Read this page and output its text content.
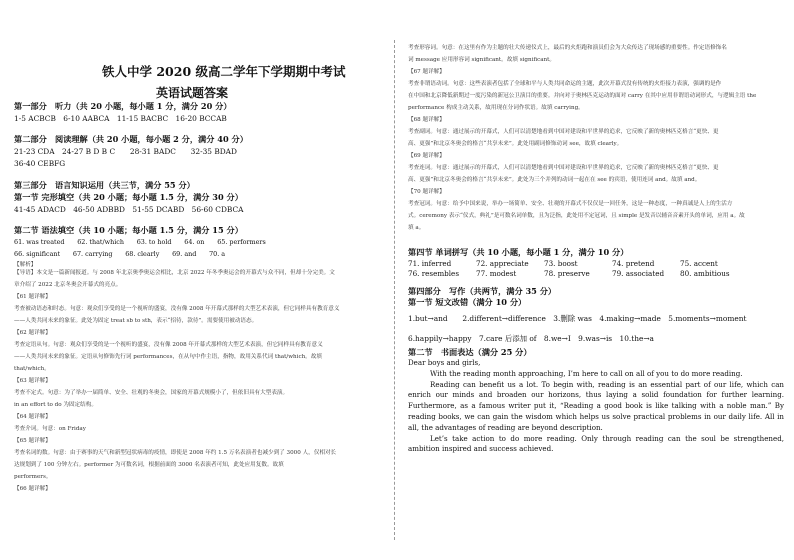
铁人中学 2020 级高二学年下学期期中考试
英语试题答案
第一部分　听力（共 20 小题，每小题 1 分，满分 20 分）
1-5 ACBCB　6-10 AABCA　11-15 BACBC　16-20 BCCAB
第二部分　阅读理解（共 20 小题，每小题 2 分，满分 40 分）
21-23 CDA　24-27 B D B C　　28-31 BADC　　32-35 BDAD
36-40 CEBFG
第三部分　语言知识运用（共三节，满分 55 分）
第一节 完形填空（共 20 小题；每小题 1.5 分，满分 30 分）
41-45 ADACD　46-50 ADBBD　51-55 DCABD　56-60 CDBCA
第二节 语法填空（共 10 小题；每小题 1.5 分，满分 15 分）
61. was treated　　62. that/which　　63. to hold　　64. on　　65. performers
66. significant　　67. carrying　　68. clearly　　69. and　　70. a
【解析】
【导语】本文是一篇新闻报道。与 2008 年北京奥季奥运会相比，北京 2022 年冬季奥运会的开幕式与众不同，但却十分完美。文
章介绍了 2022 北京冬奥会开幕式的亮点。
【61 题详解】
考查被动语态和时态。句意：观众们享受的是一个视听的盛宴，没有像 2008 年开幕式那样的大型艺术表演，但它同样具有教育意义
——人类共同未来的象征。此处为固定 treat sb to sth，表示“招待，款待”。需要使用被动语态。
【62 题详解】
考查定语从句。句意：观众们享受的是一个视听的盛宴，没有像 2008 年开幕式那样的大型艺术表演，但它同样具有教育意义
——人类共同未来的象征。定语从句修饰先行词 performances，在从句中作主语，指物，故用关系代词 that/which。故填
that/which。
【63 题详解】
考查不定式。句意：为了举办一届简单、安全、壮观的冬奥会，国家的开幕式规模小了，但依旧具有大型表演。
in an effort to do 为固定结构。
【64 题详解】
考查介词。句意：on Friday
【65 题详解】
考查名词的数。句意：由于赛事的天气和新型冠状病毒的疫情，即使是 2008 年约 1.5 万名表演者也减少到了 3000 人，仅相对长
达规划到了 100 分钟左右。performer 为可数名词，根据前面的 3000 名表演者可知，此处应用复数。故填
performers。
【66 题详解】
考查形容词。句意：在这里有作为主题的壮大传递仪式上，最后的火炬跑和演员们会为大众传达了现场感的重要性。作定语修饰名
词 message 应用形容词 significant。故填 significant。
【67 题详解】
考查非谓语动词。句意：这些表演者包括了全球和平与人类共同命运的主题，此次开幕式没有传统的火炬接力表演，强调的是作
在中国和北京降低新期过一度污染的新冠公卫演目的重要。并向对于奥林匹克运动的面对 carry 在其中应用非谓语动词形式，与逻辑主语 the
performance 构成主动关系，故用现在分词作状语。故填 carrying。
【68 题详解】
考查副词。句意：通过展示的开幕式，人们可以清楚地看到中国对建设和平世界的追求，它反映了新的奥林匹克格言“更快、更
高、更强”和北京冬奥会的格言“共享未来”。此处用副词修饰动词 see，故填 clearly。
【69 题详解】
考查连词。句意：通过展示的开幕式，人们可以清楚地看到中国对建设和平世界的追求，它反映了新的奥林匹克格言“更快、更
高、更强”和北京冬奥会的格言“共享未来”。此处为三个并列的动词一起在在 see 的宾语，使用连词 and。故填 and。
【70 题详解】
考查冠词。句意：给予中国来说，举办一场简单、安全、壮观的开幕式不仅仅是一回任务，这是一种态度，一种真诚是人上的生活方
式。ceremony 表示“仪式，典礼”是可数名词单数，且为泛指，此处用不定冠词，且 simple 是发音以辅音音素开头的单词，应用 a。故
填 a。
第四节 单词拼写（共 10 小题，每小题 1 分，满分 10 分）
71. inferred	72. appreciate 73. boost	74. pretend	75. accent
76. resembles 77. modest	78. preserve	79. associated 80. ambitious
第四部分　写作（共两节，满分 35 分）
第一节 短文改错（满分 10 分）
1.but→and　　2.different→difference　3.删除 was　4.making→made　5.moments→moment
6.happily→happy　7.care 后添加 of　8.we→I　9.was→is　10.the→a
第二节　书面表达（满分 25 分）

Dear boys and girls,

With the reading month approaching, I’m here to call on all of you to do more reading.

Reading can benefit us a lot. To begin with, reading is an essential part of our life, which can enrich our minds and broaden our horizons, thus laying a solid foundation for further learning. Furthermore, as a famous writer put it, “Reading a good book is like talking with a noble man.” By reading books, we can gain the wisdom which helps us solve practical problems in our daily life. All in all, the advantages of reading are beyond description.

Let’s take action to do more reading. Only through reading can the soul be strengthened, ambition inspired and success achieved.
